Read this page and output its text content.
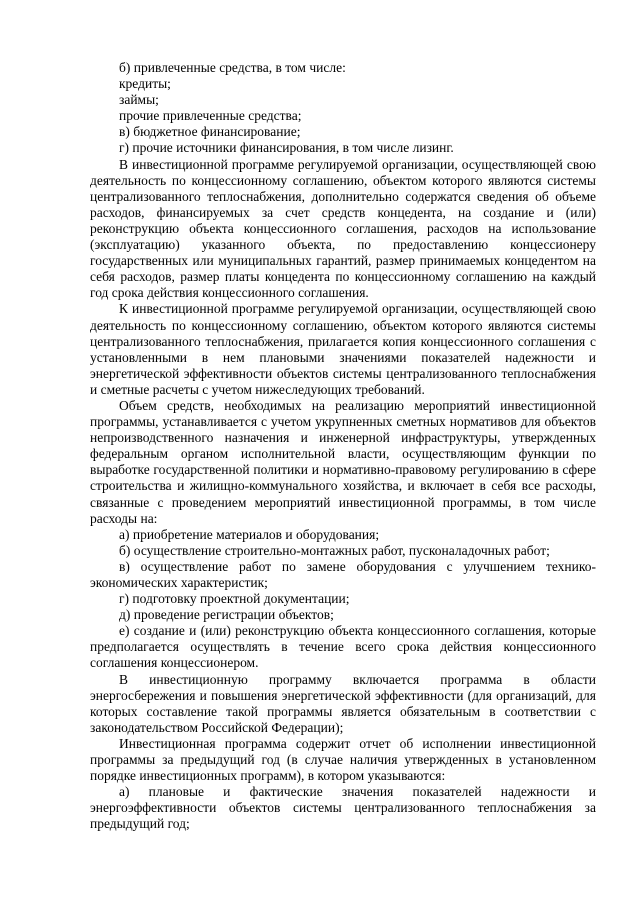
б) привлеченные средства, в том числе:

кредиты;

займы;

прочие привлеченные средства;

в) бюджетное финансирование;

г) прочие источники финансирования, в том числе лизинг.

В инвестиционной программе регулируемой организации, осуществляющей свою деятельность по концессионному соглашению, объектом которого являются системы централизованного теплоснабжения, дополнительно содержатся сведения об объеме расходов, финансируемых за счет средств концедента, на создание и (или) реконструкцию объекта концессионного соглашения, расходов на использование (эксплуатацию) указанного объекта, по предоставлению концессионеру государственных или муниципальных гарантий, размер принимаемых концедентом на себя расходов, размер платы концедента по концессионному соглашению на каждый год срока действия концессионного соглашения.

К инвестиционной программе регулируемой организации, осуществляющей свою деятельность по концессионному соглашению, объектом которого являются системы централизованного теплоснабжения, прилагается копия концессионного соглашения с установленными в нем плановыми значениями показателей надежности и энергетической эффективности объектов системы централизованного теплоснабжения и сметные расчеты с учетом нижеследующих требований.

Объем средств, необходимых на реализацию мероприятий инвестиционной программы, устанавливается с учетом укрупненных сметных нормативов для объектов непроизводственного назначения и инженерной инфраструктуры, утвержденных федеральным органом исполнительной власти, осуществляющим функции по выработке государственной политики и нормативно-правовому регулированию в сфере строительства и жилищно-коммунального хозяйства, и включает в себя все расходы, связанные с проведением мероприятий инвестиционной программы, в том числе расходы на:

а) приобретение материалов и оборудования;

б) осуществление строительно-монтажных работ, пусконаладочных работ;

в) осуществление работ по замене оборудования с улучшением технико-экономических характеристик;

г) подготовку проектной документации;

д) проведение регистрации объектов;

е) создание и (или) реконструкцию объекта концессионного соглашения, которые предполагается осуществлять в течение всего срока действия концессионного соглашения концессионером.

В инвестиционную программу включается программа в области энергосбережения и повышения энергетической эффективности (для организаций, для которых составление такой программы является обязательным в соответствии с законодательством Российской Федерации);

Инвестиционная программа содержит отчет об исполнении инвестиционной программы за предыдущий год (в случае наличия утвержденных в установленном порядке инвестиционных программ), в котором указываются:

а) плановые и фактические значения показателей надежности и энергоэффективности объектов системы централизованного теплоснабжения за предыдущий год;
